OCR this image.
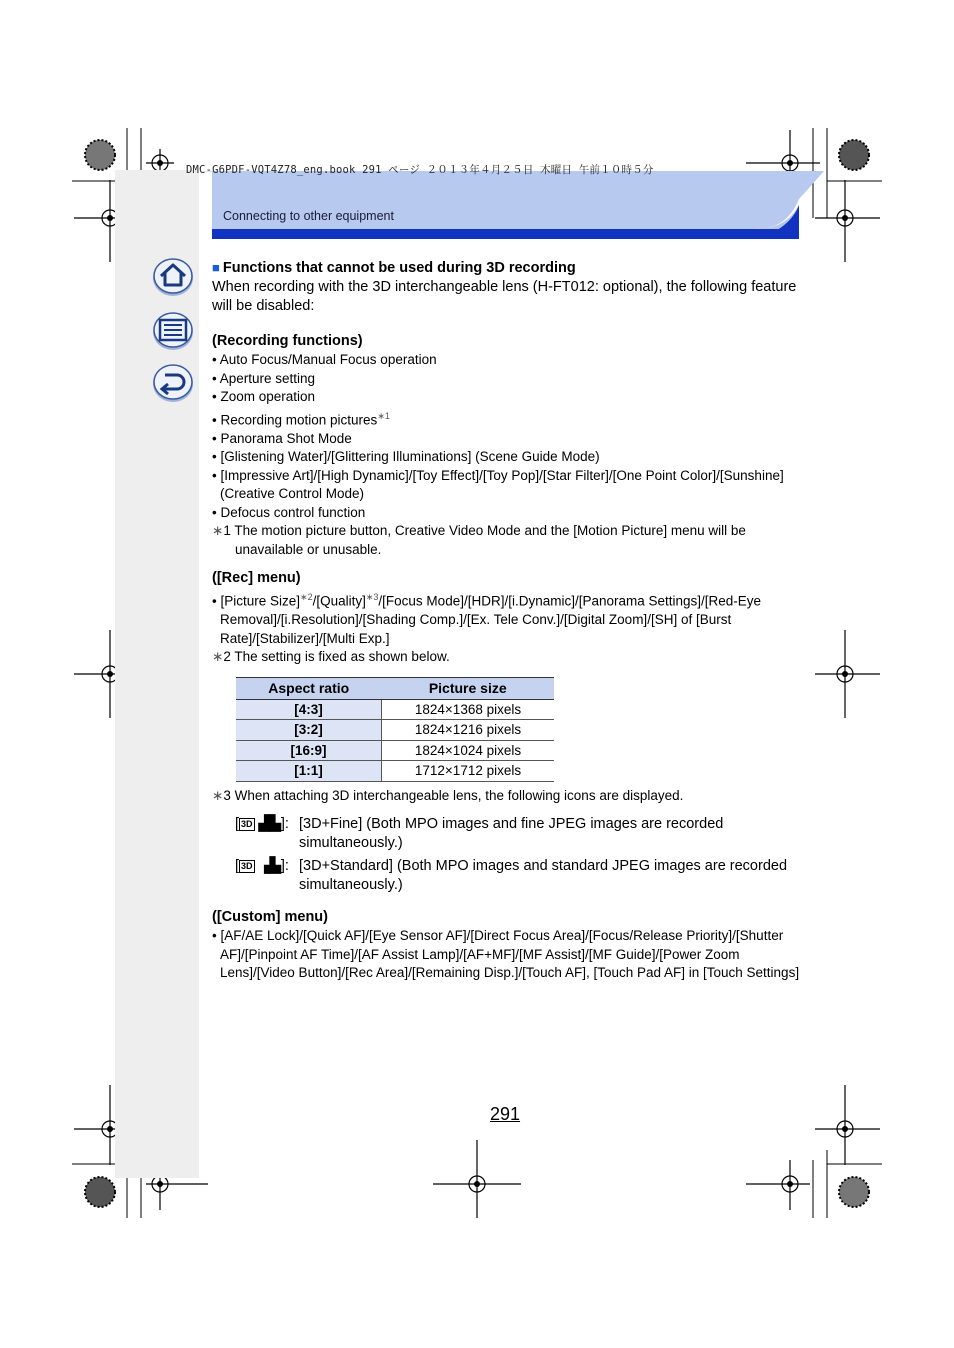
Connecting to other equipment
DMC-G6PDF-VQT4Z78_eng.book 291 ページ ２０１３年４月２５日 木曜日 午前１０時５分

■ Functions that cannot be used during 3D recording

When recording with the 3D interchangeable lens (H-FT012: optional), the following feature will be disabled:

(Recording functions)

• Auto Focus/Manual Focus operation
• Aperture setting
• Zoom operation
• Recording motion pictures$^{∗1}$
• Panorama Shot Mode
• [Glistening Water]/[Glittering Illuminations] (Scene Guide Mode)
• [Impressive Art]/[High Dynamic]/[Toy Effect]/[Toy Pop]/[Star Filter]/[One Point Color]/[Sunshine] (Creative Control Mode)
• Defocus control function

∗1 The motion picture button, Creative Video Mode and the [Motion Picture] menu will be unavailable or unusable.

([Rec] menu)

• [Picture Size]$^{∗2}$/[Quality]$^{∗3}$/[Focus Mode]/[HDR]/[i.Dynamic]/[Panorama Settings]/[Red-Eye Removal]/[i.Resolution]/[Shading Comp.]/[Ex. Tele Conv.]/[Digital Zoom]/[SH] of [Burst Rate]/[Stabilizer]/[Multi Exp.]

∗2 The setting is fixed as shown below.

Aspect ratio	Picture size
[4:3]	1824×1368 pixels
[3:2]	1824×1216 pixels
[16:9]	1824×1024 pixels
[1:1]	1712×1712 pixels

∗3 When attaching 3D interchangeable lens, the following icons are displayed.

[ 3D ▟▙]: [3D+Fine] (Both MPO images and fine JPEG images are recorded simultaneously.)
[ 3D ▗▙]: [3D+Standard] (Both MPO images and standard JPEG images are recorded simultaneously.)

([Custom] menu)

• [AF/AE Lock]/[Quick AF]/[Eye Sensor AF]/[Direct Focus Area]/[Focus/Release Priority]/[Shutter AF]/[Pinpoint AF Time]/[AF Assist Lamp]/[AF+MF]/[MF Assist]/[MF Guide]/[Power Zoom Lens]/[Video Button]/[Rec Area]/[Remaining Disp.]/[Touch AF], [Touch Pad AF] in [Touch Settings]
291
